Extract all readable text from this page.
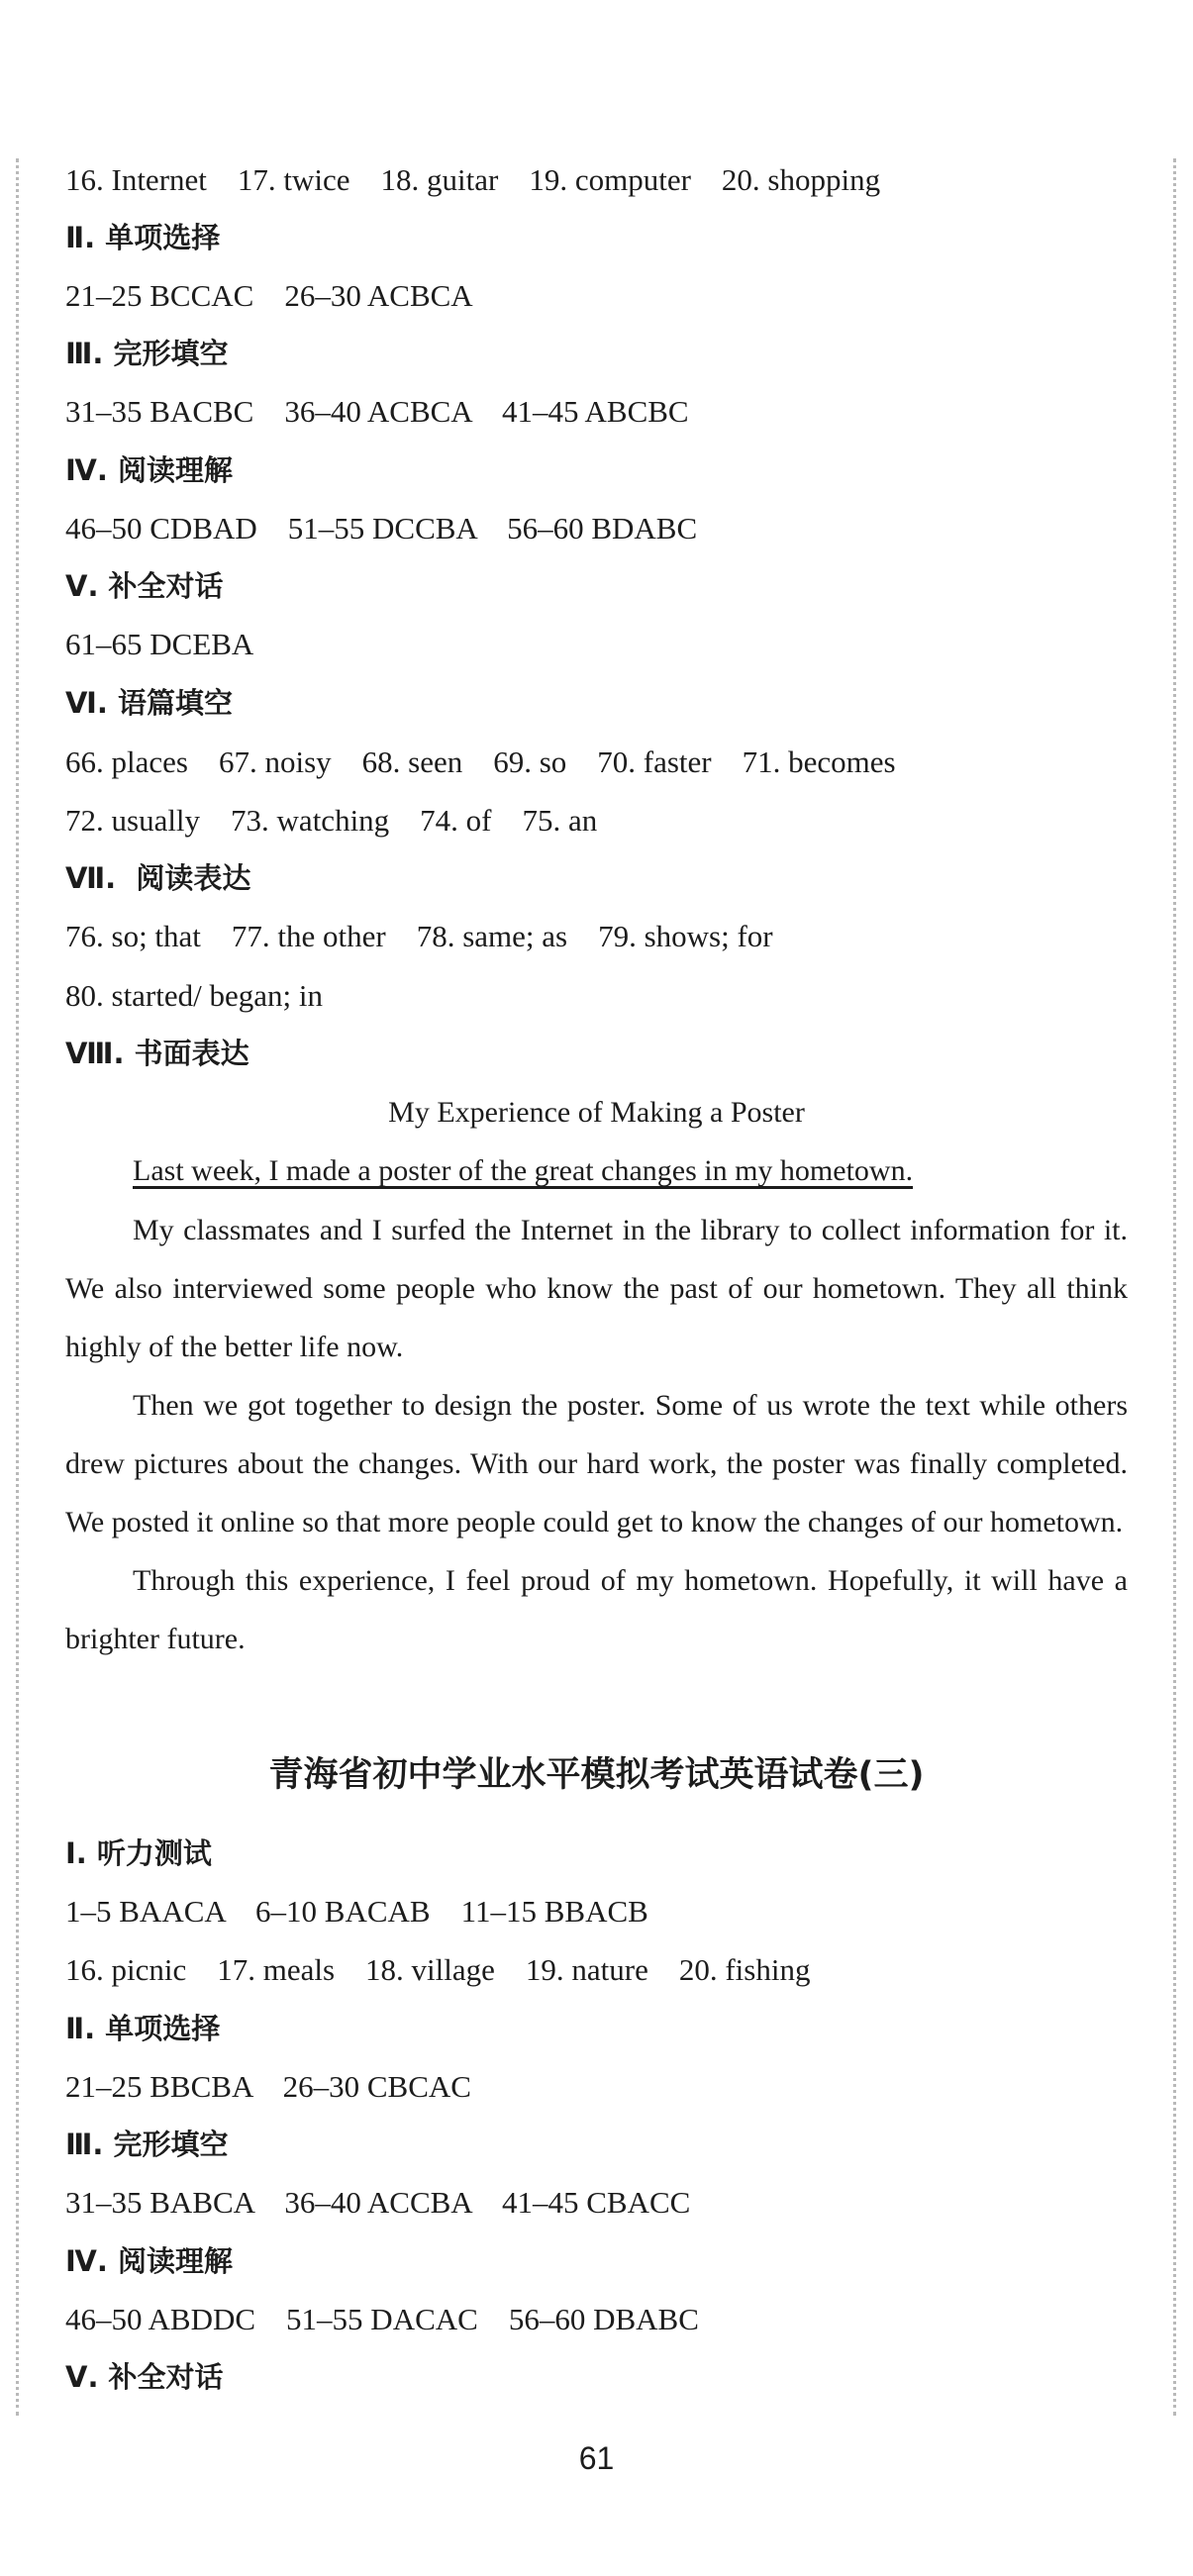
16. Internet    17. twice    18. guitar    19. computer    20. shopping
Ⅱ. 单项选择
21–25 BCCAC    26–30 ACBCA
Ⅲ. 完形填空
31–35 BACBC    36–40 ACBCA    41–45 ABCBC
Ⅳ. 阅读理解
46–50 CDBAD    51–55 DCCBA    56–60 BDABC
Ⅴ. 补全对话
61–65 DCEBA
Ⅵ. 语篇填空
66. places    67. noisy    68. seen    69. so    70. faster    71. becomes
72. usually    73. watching    74. of    75. an
Ⅶ.  阅读表达
76. so; that    77. the other    78. same; as    79. shows; for
80. started/ began; in
Ⅷ. 书面表达
My Experience of Making a Poster
Last week, I made a poster of the great changes in my hometown.

My classmates and I surfed the Internet in the library to collect information for it. We also interviewed some people who know the past of our hometown. They all think highly of the better life now.

Then we got together to design the poster. Some of us wrote the text while others drew pictures about the changes. With our hard work, the poster was finally completed. We posted it online so that more people could get to know the changes of our hometown.

Through this experience, I feel proud of my hometown. Hopefully, it will have a brighter future.

青海省初中学业水平模拟考试英语试卷(三)
Ⅰ. 听力测试
1–5 BAACA    6–10 BACAB    11–15 BBACB
16. picnic    17. meals    18. village    19. nature    20. fishing
Ⅱ. 单项选择
21–25 BBCBA    26–30 CBCAC
Ⅲ. 完形填空
31–35 BABCA    36–40 ACCBA    41–45 CBACC
Ⅳ. 阅读理解
46–50 ABDDC    51–55 DACAC    56–60 DBABC
Ⅴ. 补全对话
61
